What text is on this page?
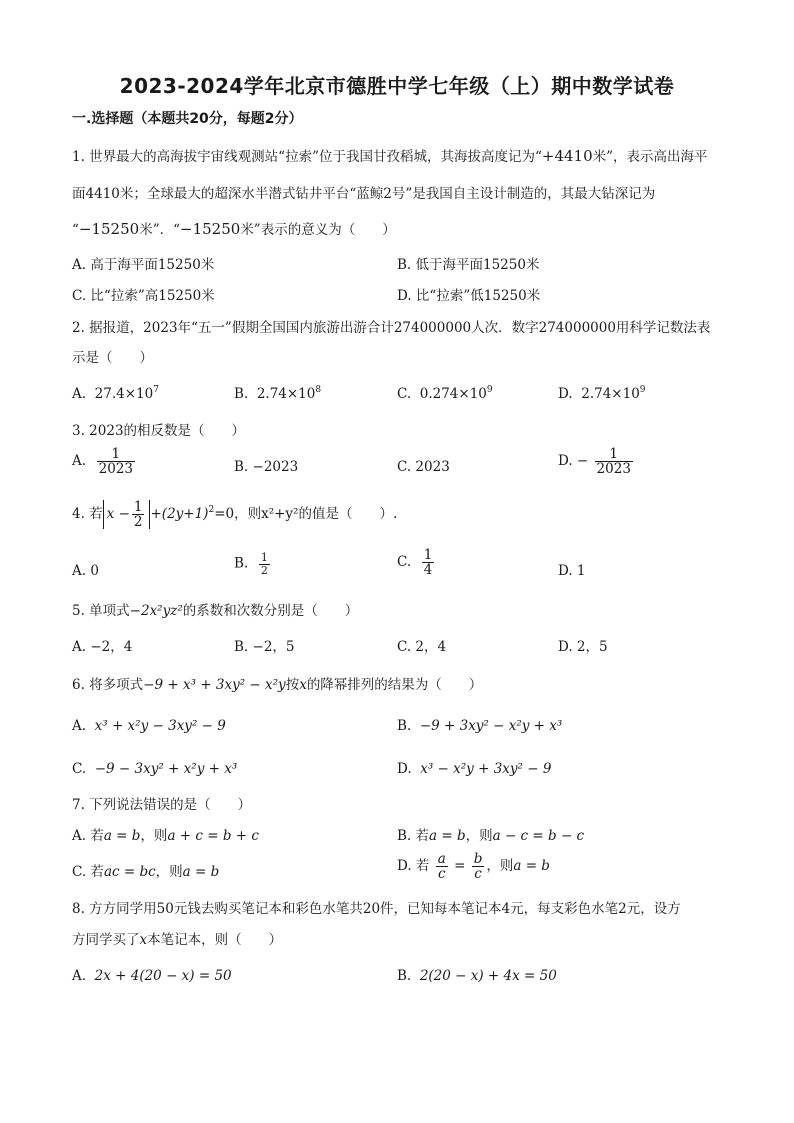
2023-2024学年北京市德胜中学七年级（上）期中数学试卷
一.选择题（本题共20分，每题2分）
1. 世界最大的高海拔宇宙线观测站“拉索”位于我国甘孜稻城，其海拔高度记为“+4410米”，表示高出海平
面4410米；全球最大的超深水半潜式钻井平台“蓝鲸2号”是我国自主设计制造的，其最大钻深记为
“−15250米”．“−15250米”表示的意义为（　　）
A. 高于海平面15250米	B. 低于海平面15250米
C. 比“拉索”高15250米	D. 比“拉索”低15250米
2. 据报道，2023年“五一”假期全国国内旅游出游合计274000000人次．数字274000000用科学记数法表
示是（　　）
A. $27.4\times 10^7$	B. $2.74\times 10^8$	C. $0.274\times 10^9$	D. $2.74\times 10^9$
3. 2023的相反数是（　　）
A. $\frac{1}{2023}$	B. −2023	C. 2023	D. − $\frac{1}{2023}$
4. 若 $x - \frac{1}{2} +(2y+1)^2=0$，则x²+y²的值是（　　）.
A. 0	B. $\frac{1}{2}$	C. $\frac{1}{4}$	D. 1
5. 单项式−2x²yz²的系数和次数分别是（　　）
A. −2，4	B. −2，5	C. 2，4	D. 2，5
6. 将多项式−9 + x³ + 3xy² − x²y按x的降幂排列的结果为（　　）
A. x³ + x²y − 3xy² − 9	B. −9 + 3xy² − x²y + x³
C. −9 − 3xy² + x²y + x³	D. x³ − x²y + 3xy² − 9
7. 下列说法错误的是（　　）
A. 若a = b，则a + c = b + c	B. 若a = b，则a − c = b − c
C. 若ac = bc，则a = b	D. 若 $\frac{a}{c} = \frac{b}{c}$ ，则a = b
8. 方方同学用50元钱去购买笔记本和彩色水笔共20件，已知每本笔记本4元，每支彩色水笔2元，设方
方同学买了x本笔记本，则（　　）
A. 2x + 4(20 − x) = 50	B. 2(20 − x) + 4x = 50
